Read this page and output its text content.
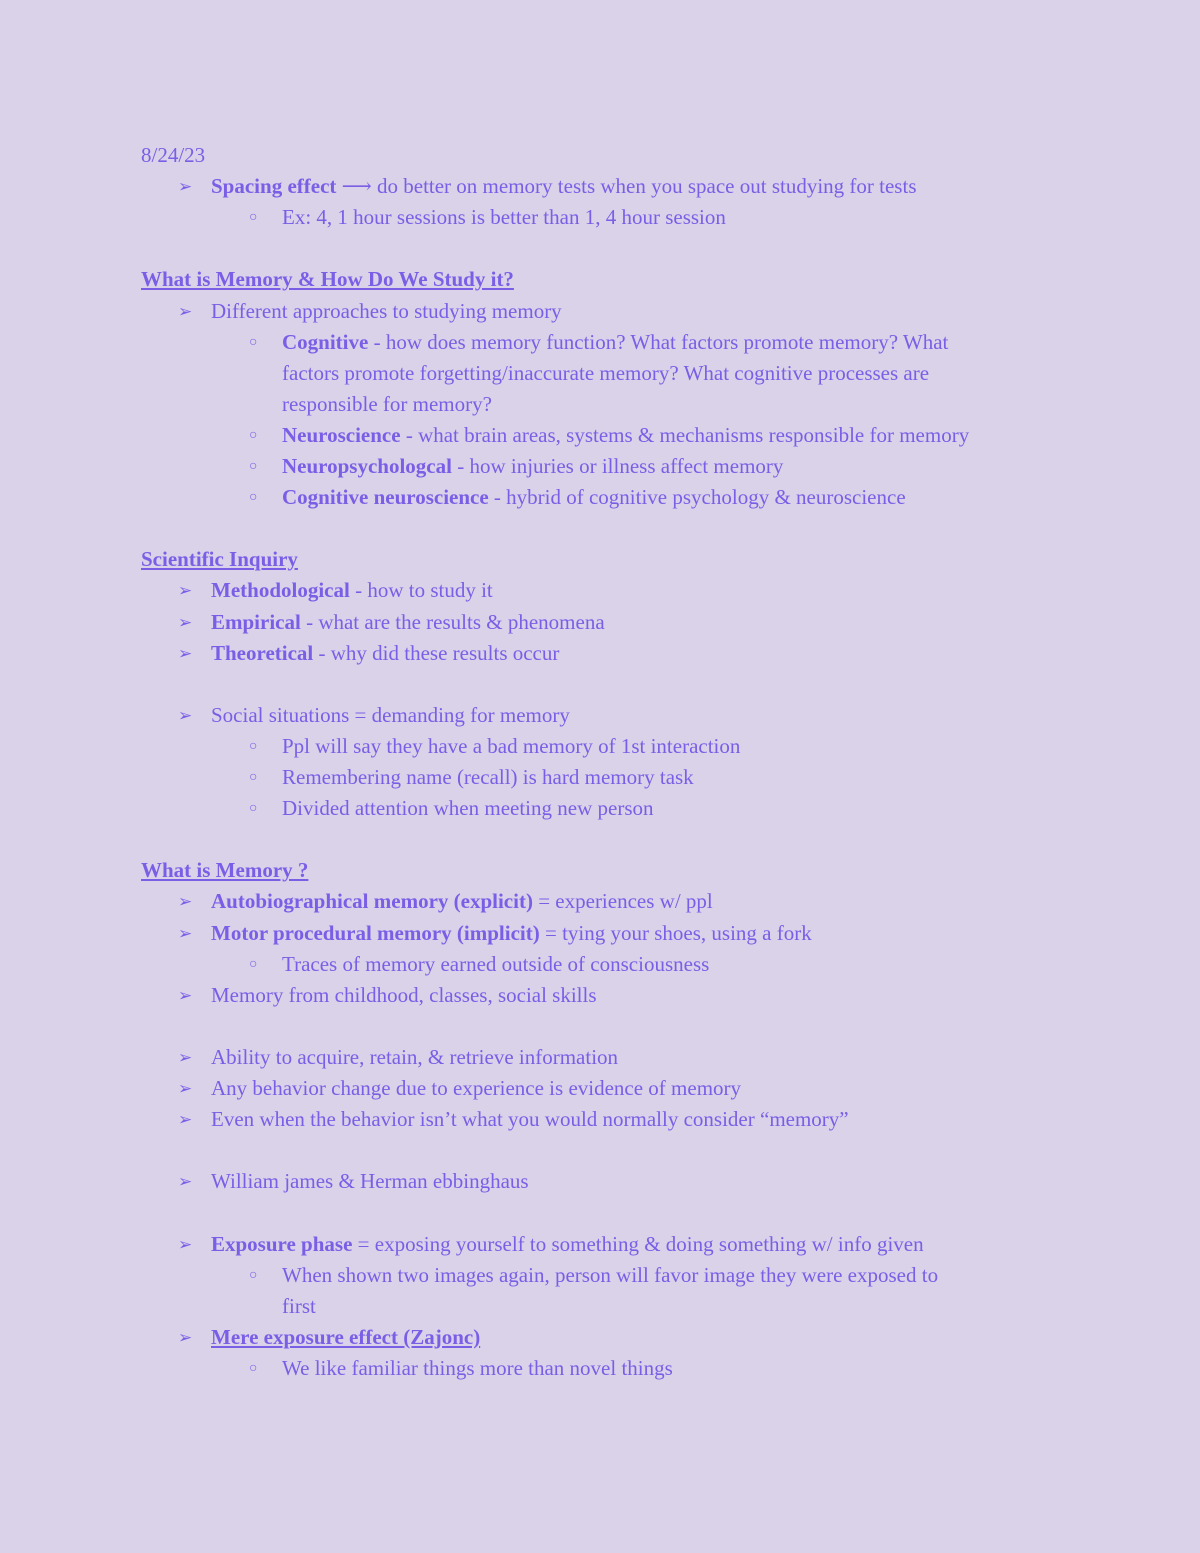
8/24/23
➢ Spacing effect ⟶ do better on memory tests when you space out studying for tests
○ Ex: 4, 1 hour sessions is better than 1, 4 hour session
What is Memory & How Do We Study it?
➢ Different approaches to studying memory
○ Cognitive - how does memory function? What factors promote memory? What
factors promote forgetting/inaccurate memory? What cognitive processes are
responsible for memory?
○ Neuroscience - what brain areas, systems & mechanisms responsible for memory
○ Neuropsychologcal - how injuries or illness affect memory
○ Cognitive neuroscience - hybrid of cognitive psychology & neuroscience
Scientific Inquiry
➢ Methodological - how to study it
➢ Empirical - what are the results & phenomena
➢ Theoretical - why did these results occur
➢ Social situations = demanding for memory
○ Ppl will say they have a bad memory of 1st interaction
○ Remembering name (recall) is hard memory task
○ Divided attention when meeting new person
What is Memory ?
➢ Autobiographical memory (explicit) = experiences w/ ppl
➢ Motor procedural memory (implicit) = tying your shoes, using a fork
○ Traces of memory earned outside of consciousness
➢ Memory from childhood, classes, social skills
➢ Ability to acquire, retain, & retrieve information
➢ Any behavior change due to experience is evidence of memory
➢ Even when the behavior isn’t what you would normally consider “memory”
➢ William james & Herman ebbinghaus
➢ Exposure phase = exposing yourself to something & doing something w/ info given
○ When shown two images again, person will favor image they were exposed to
first
➢ Mere exposure effect (Zajonc)
○ We like familiar things more than novel things
